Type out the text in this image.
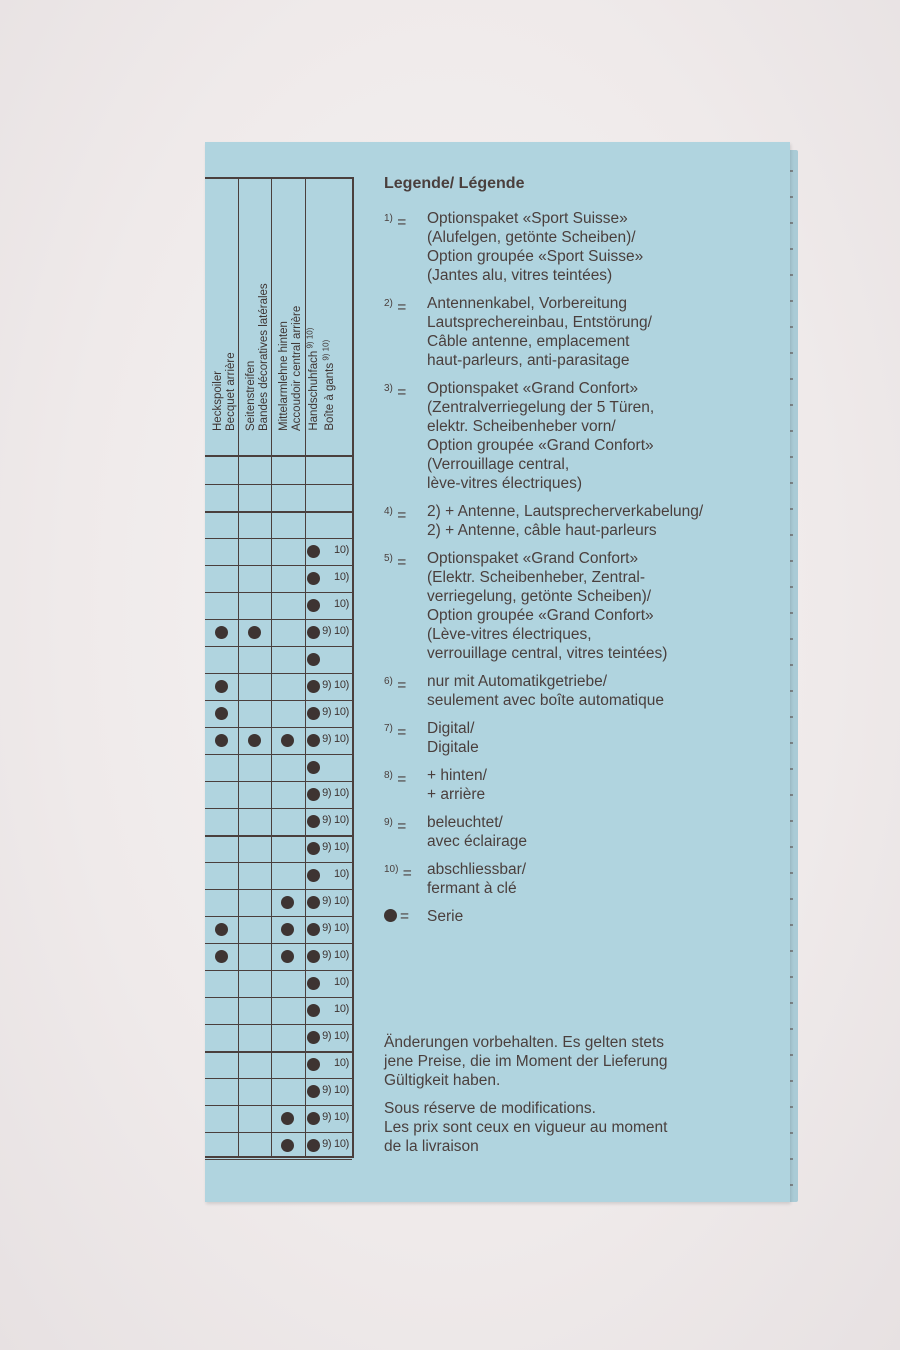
Heckspoiler Becquet arrière Seitenstreifen Bandes décoratives latérales Mittelarmlehne hinten Accoudoir central arrière Handschuhfach $^{9) 10)}$
Boîte à gants $^{9) 10)}$
10)
10)
10)
9) 10)
9) 10)
9) 10)
9) 10)
9) 10)
9) 10)
9) 10)
10)
9) 10)
9) 10)
9) 10)
10)
10)
9) 10)
10)
9) 10)
9) 10)
9) 10)
Legende/ Légende
$^{1)}$ = Optionspaket «Sport Suisse»
(Alufelgen, getönte Scheiben)/
Option groupée «Sport Suisse»
(Jantes alu, vitres teintées)
$^{2)}$ = Antennenkabel, Vorbereitung
Lautsprechereinbau, Entstörung/
Câble antenne, emplacement
haut-parleurs, anti-parasitage
$^{3)}$ = Optionspaket «Grand Confort»
(Zentralverriegelung der 5 Türen,
elektr. Scheibenheber vorn/
Option groupée «Grand Confort»
(Verrouillage central,
lève-vitres électriques)
$^{4)}$ = 2) + Antenne, Lautsprecherverkabelung/
2) + Antenne, câble haut-parleurs
$^{5)}$ = Optionspaket «Grand Confort»
(Elektr. Scheibenheber, Zentral-
verriegelung, getönte Scheiben)/
Option groupée «Grand Confort»
(Lève-vitres électriques,
verrouillage central, vitres teintées)
$^{6)}$ = nur mit Automatikgetriebe/
seulement avec boîte automatique
$^{7)}$ = Digital/
Digitale
$^{8)}$ = + hinten/
+ arrière
$^{9)}$ = beleuchtet/
avec éclairage
$^{10)}$ = abschliessbar/
fermant à clé
= Serie

Änderungen vorbehalten. Es gelten stets
jene Preise, die im Moment der Lieferung
Gültigkeit haben.

Sous réserve de modifications.
Les prix sont ceux en vigueur au moment
de la livraison
